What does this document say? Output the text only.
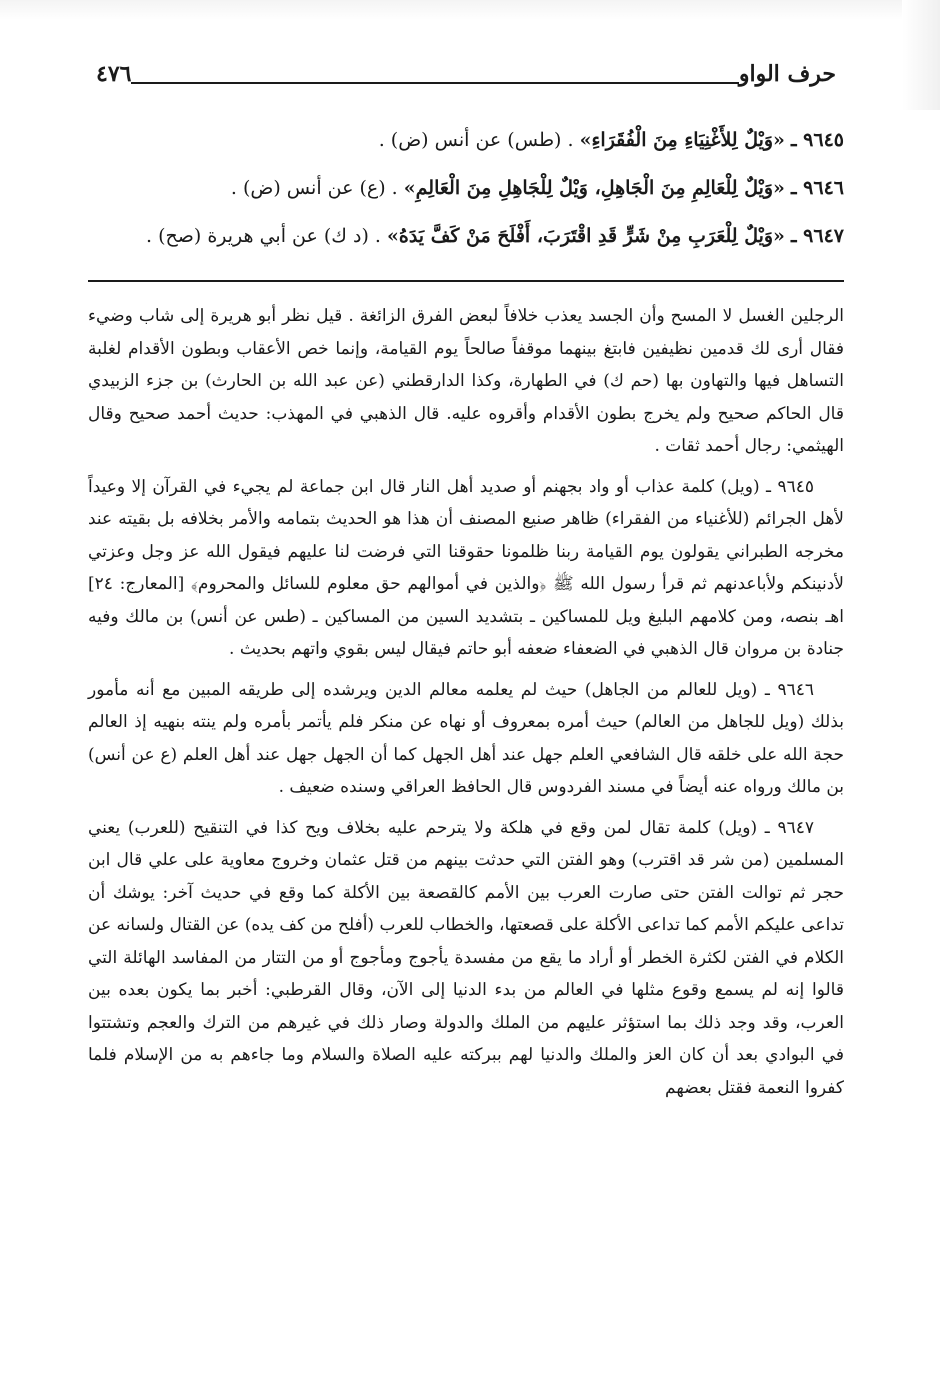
حرف الواو
٤٧٦

٩٦٤٥ ـ «وَيْلٌ لِلأَغْنِيَاءِ مِنَ الْفُقَرَاءِ» . (طس) عن أنس (ض) .

٩٦٤٦ ـ «وَيْلٌ لِلْعَالِمِ مِنَ الْجَاهِلِ، وَيْلٌ لِلْجَاهِلِ مِنَ الْعَالِمِ» . (ع) عن أنس (ض) .

٩٦٤٧ ـ «وَيْلٌ لِلْعَرَبِ مِنْ شَرٍّ قَدِ اقْتَرَبَ، أَفْلَحَ مَنْ كَفَّ يَدَهُ» . (د ك) عن أبي هريرة (صح) .

الرجلين الغسل لا المسح وأن الجسد يعذب خلافاً لبعض الفرق الزائغة . قيل نظر أبو هريرة إلى شاب وضيء فقال أرى لك قدمين نظيفين فابتغ بينهما موقفاً صالحاً يوم القيامة، وإنما خص الأعقاب وبطون الأقدام لغلبة التساهل فيها والتهاون بها (حم ك) في الطهارة، وكذا الدارقطني (عن عبد الله بن الحارث) بن جزء الزبيدي قال الحاكم صحيح ولم يخرج بطون الأقدام وأقروه عليه. قال الذهبي في المهذب: حديث أحمد صحيح وقال الهيثمي: رجال أحمد ثقات .

٩٦٤٥ ـ (ويل) كلمة عذاب أو واد بجهنم أو صديد أهل النار قال ابن جماعة لم يجيء في القرآن إلا وعيداً لأهل الجرائم (للأغنياء من الفقراء) ظاهر صنيع المصنف أن هذا هو الحديث بتمامه والأمر بخلافه بل بقيته عند مخرجه الطبراني يقولون يوم القيامة ربنا ظلمونا حقوقنا التي فرضت لنا عليهم فيقول الله عز وجل وعزتي لأدنينكم ولأباعدنهم ثم قرأ رسول الله ﷺ ﴿والذين في أموالهم حق معلوم للسائل والمحروم﴾ [المعارج: ٢٤] اهـ بنصه، ومن كلامهم البليغ ويل للمساكين ـ بتشديد السين من المساكين ـ (طس عن أنس) بن مالك وفيه جنادة بن مروان قال الذهبي في الضعفاء ضعفه أبو حاتم فيقال ليس بقوي واتهم بحديث .

٩٦٤٦ ـ (ويل للعالم من الجاهل) حيث لم يعلمه معالم الدين ويرشده إلى طريقه المبين مع أنه مأمور بذلك (ويل للجاهل من العالم) حيث أمره بمعروف أو نهاه عن منكر فلم يأتمر بأمره ولم ينته بنهيه إذ العالم حجة الله على خلقه قال الشافعي العلم جهل عند أهل الجهل كما أن الجهل جهل عند أهل العلم (ع عن أنس) بن مالك ورواه عنه أيضاً في مسند الفردوس قال الحافظ العراقي وسنده ضعيف .

٩٦٤٧ ـ (ويل) كلمة تقال لمن وقع في هلكة ولا يترحم عليه بخلاف ويح كذا في التنقيح (للعرب) يعني المسلمين (من شر قد اقترب) وهو الفتن التي حدثت بينهم من قتل عثمان وخروج معاوية على علي قال ابن حجر ثم توالت الفتن حتى صارت العرب بين الأمم كالقصعة بين الأكلة كما وقع في حديث آخر: يوشك أن تداعى عليكم الأمم كما تداعى الأكلة على قصعتها، والخطاب للعرب (أفلح من كف يده) عن القتال ولسانه عن الكلام في الفتن لكثرة الخطر أو أراد ما يقع من مفسدة يأجوج ومأجوج أو من التتار من المفاسد الهائلة التي قالوا إنه لم يسمع وقوع مثلها في العالم من بدء الدنيا إلى الآن، وقال القرطبي: أخبر بما يكون بعده بين العرب، وقد وجد ذلك بما استؤثر عليهم من الملك والدولة وصار ذلك في غيرهم من الترك والعجم وتشتتوا في البوادي بعد أن كان العز والملك والدنيا لهم ببركته عليه الصلاة والسلام وما جاءهم به من الإسلام فلما كفروا النعمة فقتل بعضهم
